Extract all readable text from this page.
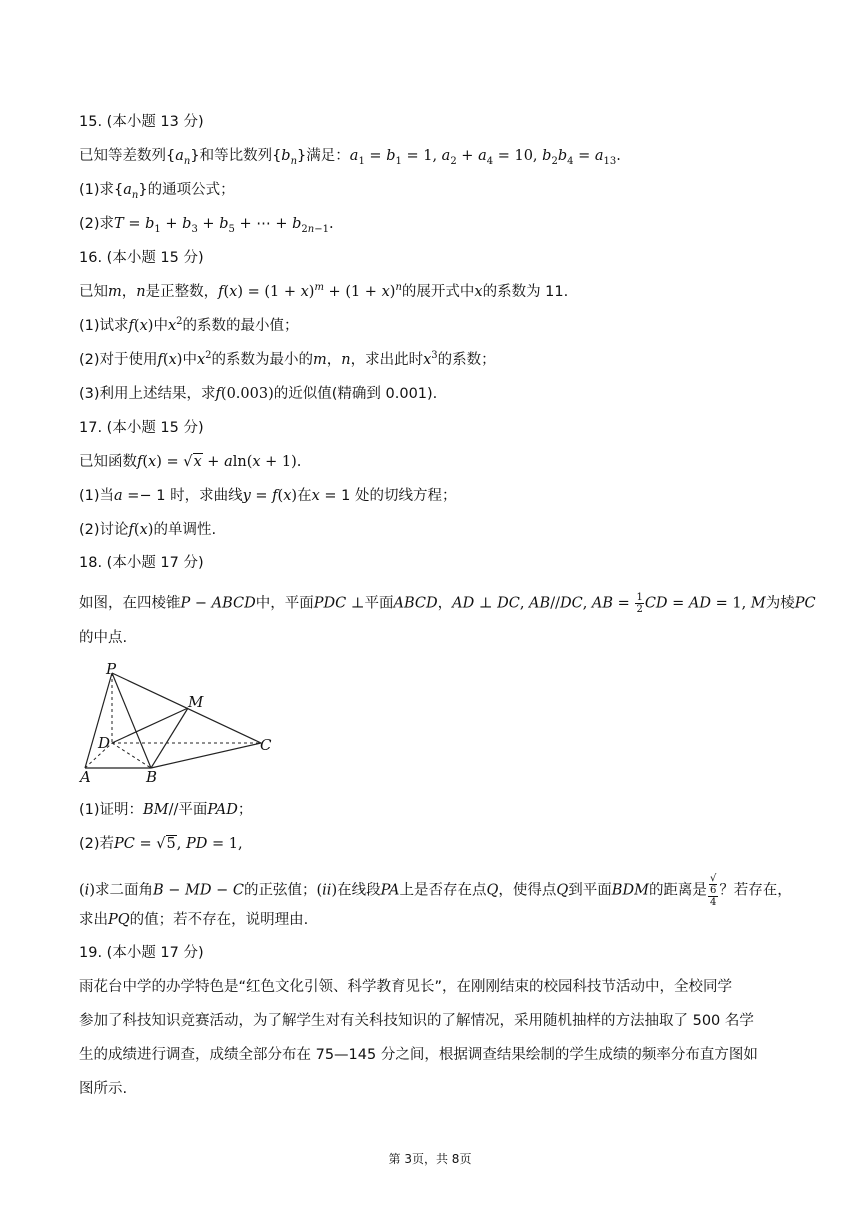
15. (本小题 13 分)
已知等差数列$\{a_n\}$和等比数列$\{b_n\}$满足：$a_1 = b_1 = 1$, $a_2 + a_4 = 10$, $b_2b_4 = a_{13}$.
(1)求$\{a_n\}$的通项公式；
(2)求$T = b_1 + b_3 + b_5$ + ⋯ + $b_{2n-1}$.
16. (本小题 15 分)
已知m，n是正整数，$f(x) = (1 + x)^m + (1 + x)^n$的展开式中x的系数为 11.
(1)试求f(x)中$x^2$的系数的最小值；
(2)对于使用f(x)中$x^2$的系数为最小的m，n，求出此时$x^3$的系数；
(3)利用上述结果，求f(0.003)的近似值(精确到 0.001).
17. (本小题 15 分)
已知函数f(x) = √x + aln(x + 1).
(1)当a =− 1 时，求曲线y = f(x)在x = 1 处的切线方程；
(2)讨论f(x)的单调性.
18. (本小题 17 分)
如图，在四棱锥P − ABCD中，平面PDC ⊥平面ABCD，AD ⊥ DC, AB//DC, AB = $\frac{1}{2}$ CD = AD = 1, M为棱PC
的中点.
P
M
D	C
A	B
(1)证明：BM//平面PAD；
(2)若PC = √5, PD = 1,
(i)求二面角B − MD − C的正弦值；(ii)在线段PA上是否存在点Q，使得点Q到平面BDM的距离是 √
6
4 ？若存在，
求出PQ的值；若不存在，说明理由.
19. (本小题 17 分)
雨花台中学的办学特色是“红色文化引领、科学教育见长”，在刚刚结束的校园科技节活动中，全校同学
参加了科技知识竞赛活动，为了解学生对有关科技知识的了解情况，采用随机抽样的方法抽取了 500 名学
生的成绩进行调查，成绩全部分布在 75—145 分之间，根据调查结果绘制的学生成绩的频率分布直方图如
图所示.
第 3页，共 8页
